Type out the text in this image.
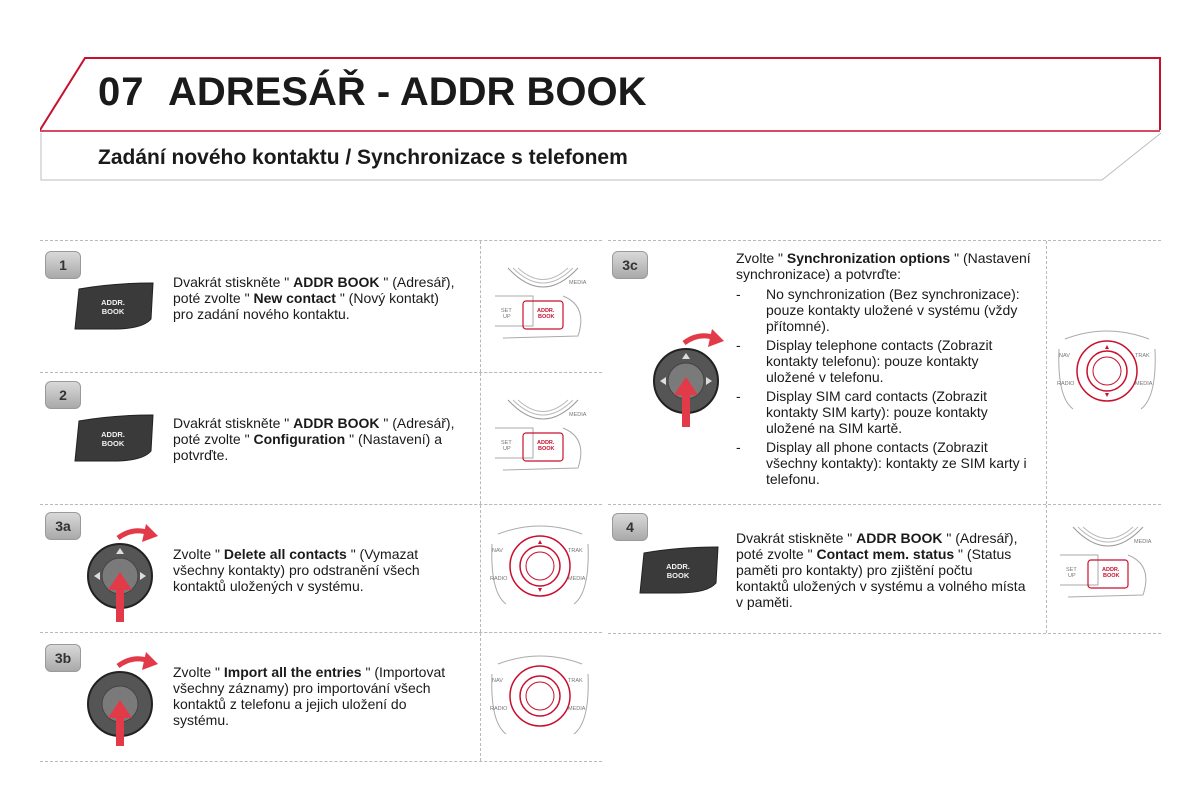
07 ADRESÁŘ - ADDR BOOK
Zadání nového kontaktu / Synchronizace s telefonem
1
ADDR.
BOOK
Dvakrát stiskněte " ADDR BOOK " (Adresář), poté zvolte " New contact " (Nový kontakt) pro zadání nového kontaktu.
MEDIA
SET
UP
ADDR.
BOOK
2
ADDR.
BOOK
Dvakrát stiskněte " ADDR BOOK " (Adresář), poté zvolte " Configuration " (Nastavení) a potvrďte.
MEDIA
SET
UP
ADDR.
BOOK
3a
Zvolte " Delete all contacts " (Vymazat všechny kontakty) pro odstranění všech kontaktů uložených v systému.
NAV	TRAK
RADIO	MEDIA
3b
Zvolte " Import all the entries " (Importovat všechny záznamy) pro importování všech kontaktů z telefonu a jejich uložení do systému.
NAV	TRAK
RADIO	MEDIA
3c	Zvolte " Synchronization options " (Nastavení synchronizace) a potvrďte:
- No synchronization (Bez synchronizace): pouze kontakty uložené v systému (vždy přítomné).
- Display telephone contacts (Zobrazit kontakty telefonu): pouze kontakty uložené v telefonu.
- Display SIM card contacts (Zobrazit kontakty SIM karty): pouze kontakty uložené na SIM kartě.
- Display all phone contacts (Zobrazit všechny kontakty): kontakty ze SIM karty i telefonu.
NAV	TRAK
RADIO	MEDIA
4
ADDR.
BOOK
Dvakrát stiskněte " ADDR BOOK " (Adresář), poté zvolte " Contact mem. status " (Status paměti pro kontakty) pro zjištění počtu kontaktů uložených v systému a volného místa v paměti.
MEDIA
SET
UP
ADDR.
BOOK
